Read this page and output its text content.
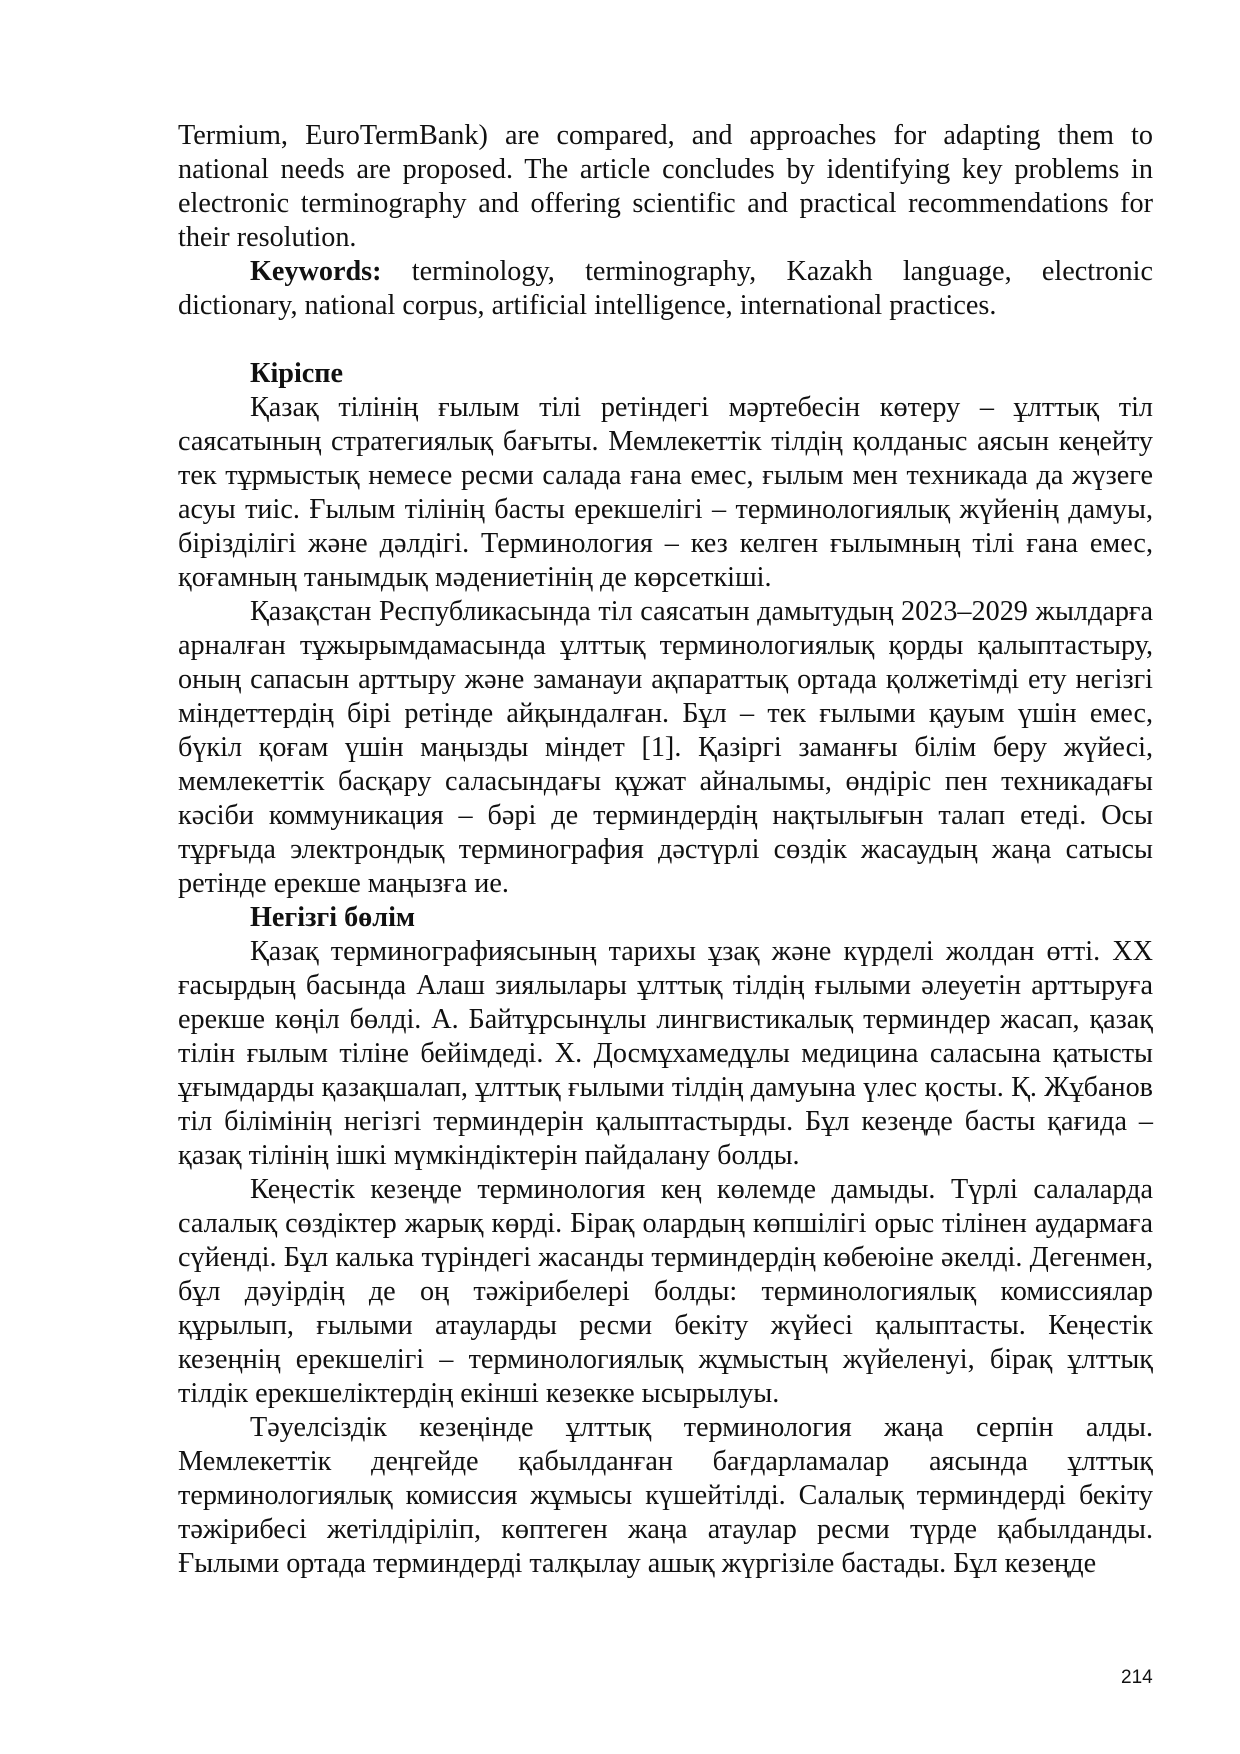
Termium, EuroTermBank) are compared, and approaches for adapting them to national needs are proposed. The article concludes by identifying key problems in electronic terminography and offering scientific and practical recommendations for their resolution.

Keywords: terminology, terminography, Kazakh language, electronic dictionary, national corpus, artificial intelligence, international practices.

Кіріспе

Қазақ тілінің ғылым тілі ретіндегі мәртебесін көтеру – ұлттық тіл саясатының стратегиялық бағыты. Мемлекеттік тілдің қолданыс аясын кеңейту тек тұрмыстық немесе ресми салада ғана емес, ғылым мен техникада да жүзеге асуы тиіс. Ғылым тілінің басты ерекшелігі – терминологиялық жүйенің дамуы, біріздiлiгi және дәлдігі. Терминология – кез келген ғылымның тілі ғана емес, қоғамның танымдық мәдениетінің де көрсеткіші.

Қазақстан Республикасында тіл саясатын дамытудың 2023–2029 жылдарға арналған тұжырымдамасында ұлттық терминологиялық қорды қалыптастыру, оның сапасын арттыру және заманауи ақпараттық ортада қолжетімді ету негізгі міндеттердің бірі ретінде айқындалған. Бұл – тек ғылыми қауым үшін емес, бүкіл қоғам үшін маңызды міндет [1]. Қазіргі заманғы білім беру жүйесі, мемлекеттік басқару саласындағы құжат айналымы, өндіріс пен техникадағы кәсіби коммуникация – бәрі де терминдердің нақтылығын талап етеді. Осы тұрғыда электрондық терминография дәстүрлі сөздік жасаудың жаңа сатысы ретінде ерекше маңызға ие.

Негізгі бөлім

Қазақ терминографиясының тарихы ұзақ және күрделі жолдан өтті. XX ғасырдың басында Алаш зиялылары ұлттық тілдің ғылыми әлеуетін арттыруға ерекше көңіл бөлді. А. Байтұрсынұлы лингвистикалық терминдер жасап, қазақ тілін ғылым тіліне бейімдеді. Х. Досмұхамедұлы медицина саласына қатысты ұғымдарды қазақшалап, ұлттық ғылыми тілдің дамуына үлес қосты. Қ. Жұбанов тіл білімінің негізгі терминдерін қалыптастырды. Бұл кезеңде басты қағида – қазақ тілінің ішкі мүмкіндіктерін пайдалану болды.

Кеңестік кезеңде терминология кең көлемде дамыды. Түрлі салаларда салалық сөздіктер жарық көрді. Бірақ олардың көпшілігі орыс тілінен аудармаға сүйенді. Бұл калька түріндегі жасанды терминдердің көбеюіне әкелді. Дегенмен, бұл дәуірдің де оң тәжірибелері болды: терминологиялық комиссиялар құрылып, ғылыми атауларды ресми бекіту жүйесі қалыптасты. Кеңестік кезеңнің ерекшелігі – терминологиялық жұмыстың жүйеленуі, бірақ ұлттық тілдік ерекшеліктердің екінші кезекке ысырылуы.

Тәуелсіздік кезеңінде ұлттық терминология жаңа серпін алды. Мемлекеттік деңгейде қабылданған бағдарламалар аясында ұлттық терминологиялық комиссия жұмысы күшейтілді. Салалық терминдерді бекіту тәжірибесі жетілдіріліп, көптеген жаңа атаулар ресми түрде қабылданды. Ғылыми ортада терминдерді талқылау ашық жүргізіле бастады. Бұл кезеңде

214
